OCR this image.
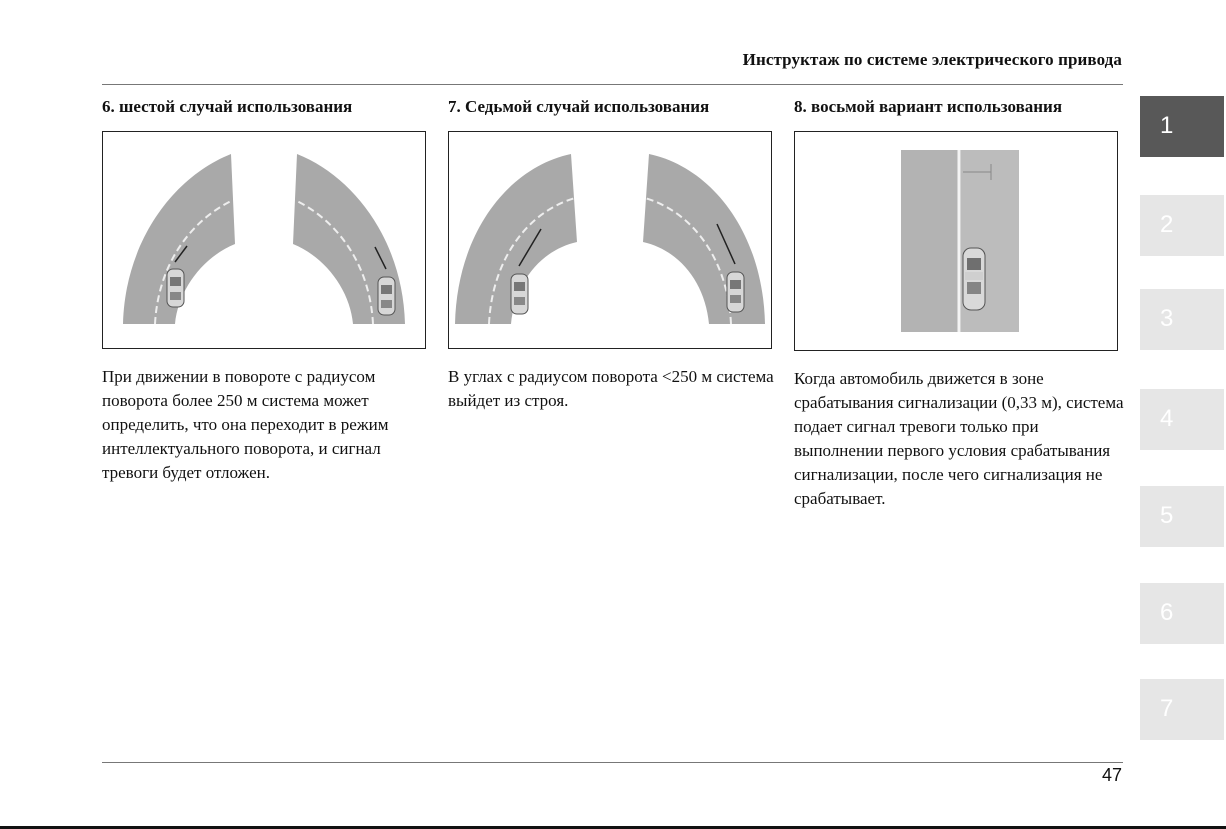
Инструктаж по системе электрического привода
6. шестой случай использования

При движении в повороте с радиусом поворота более 250 м система может определить, что она переходит в режим интеллектуального поворота, и сигнал тревоги будет отложен.

7. Седьмой случай использования

В углах с радиусом поворота <250 м система выйдет из строя.

8. восьмой вариант использования

Когда автомобиль движется в зоне срабатывания сигнализации (0,33 м), система подает сигнал тревоги только при выполнении первого условия срабатывания сигнализации, после чего сигнализация не срабатывает.

1
2
3
4
5
6
7
47
